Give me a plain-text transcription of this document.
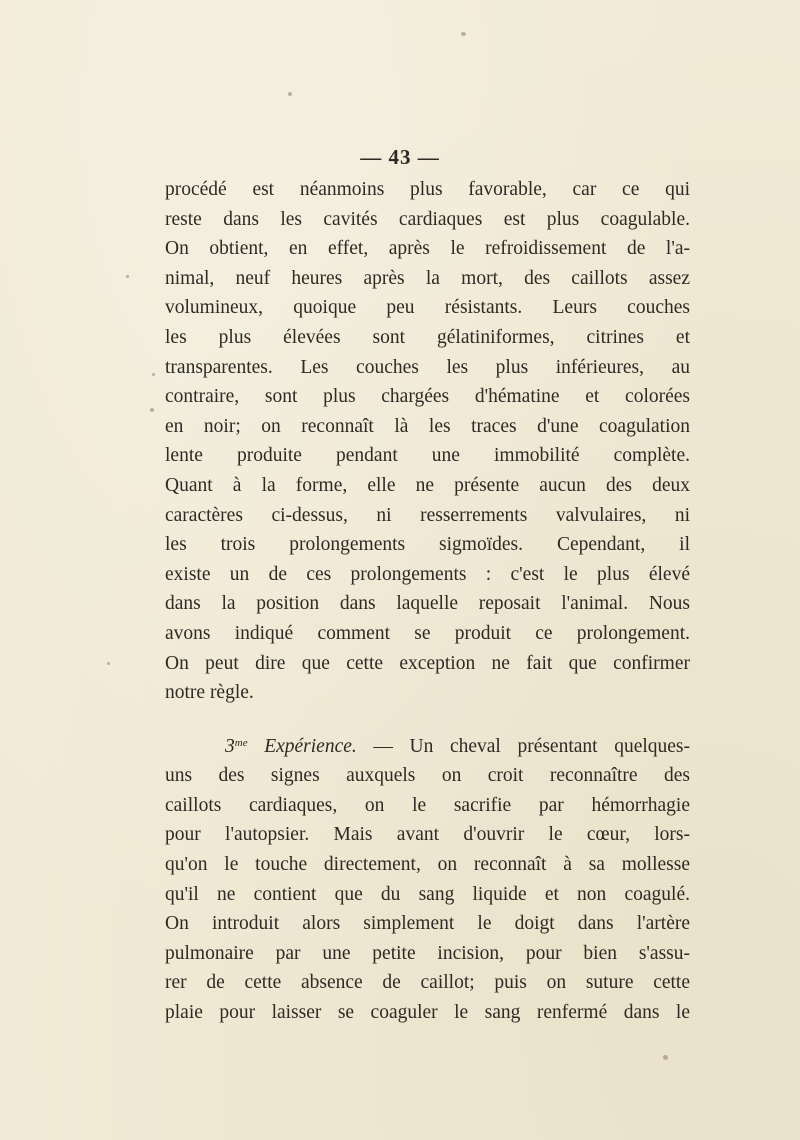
— 43 —
procédé est néanmoins plus favorable, car ce qui
reste dans les cavités cardiaques est plus coagulable.
On obtient, en effet, après le refroidissement de l'a-
nimal, neuf heures après la mort, des caillots assez
volumineux, quoique peu résistants. Leurs couches
les plus élevées sont gélatiniformes, citrines et
transparentes. Les couches les plus inférieures, au
contraire, sont plus chargées d'hématine et colorées
en noir; on reconnaît là les traces d'une coagulation
lente produite pendant une immobilité complète.
Quant à la forme, elle ne présente aucun des deux
caractères ci-dessus, ni resserrements valvulaires, ni
les trois prolongements sigmoïdes. Cependant, il
existe un de ces prolongements : c'est le plus élevé
dans la position dans laquelle reposait l'animal. Nous
avons indiqué comment se produit ce prolongement.
On peut dire que cette exception ne fait que confirmer
notre règle.
$3^{me}$ Expérience. — Un cheval présentant quelques-
uns des signes auxquels on croit reconnaître des
caillots cardiaques, on le sacrifie par hémorrhagie
pour l'autopsier. Mais avant d'ouvrir le cœur, lors-
qu'on le touche directement, on reconnaît à sa mollesse
qu'il ne contient que du sang liquide et non coagulé.
On introduit alors simplement le doigt dans l'artère
pulmonaire par une petite incision, pour bien s'assu-
rer de cette absence de caillot; puis on suture cette
plaie pour laisser se coaguler le sang renfermé dans le
